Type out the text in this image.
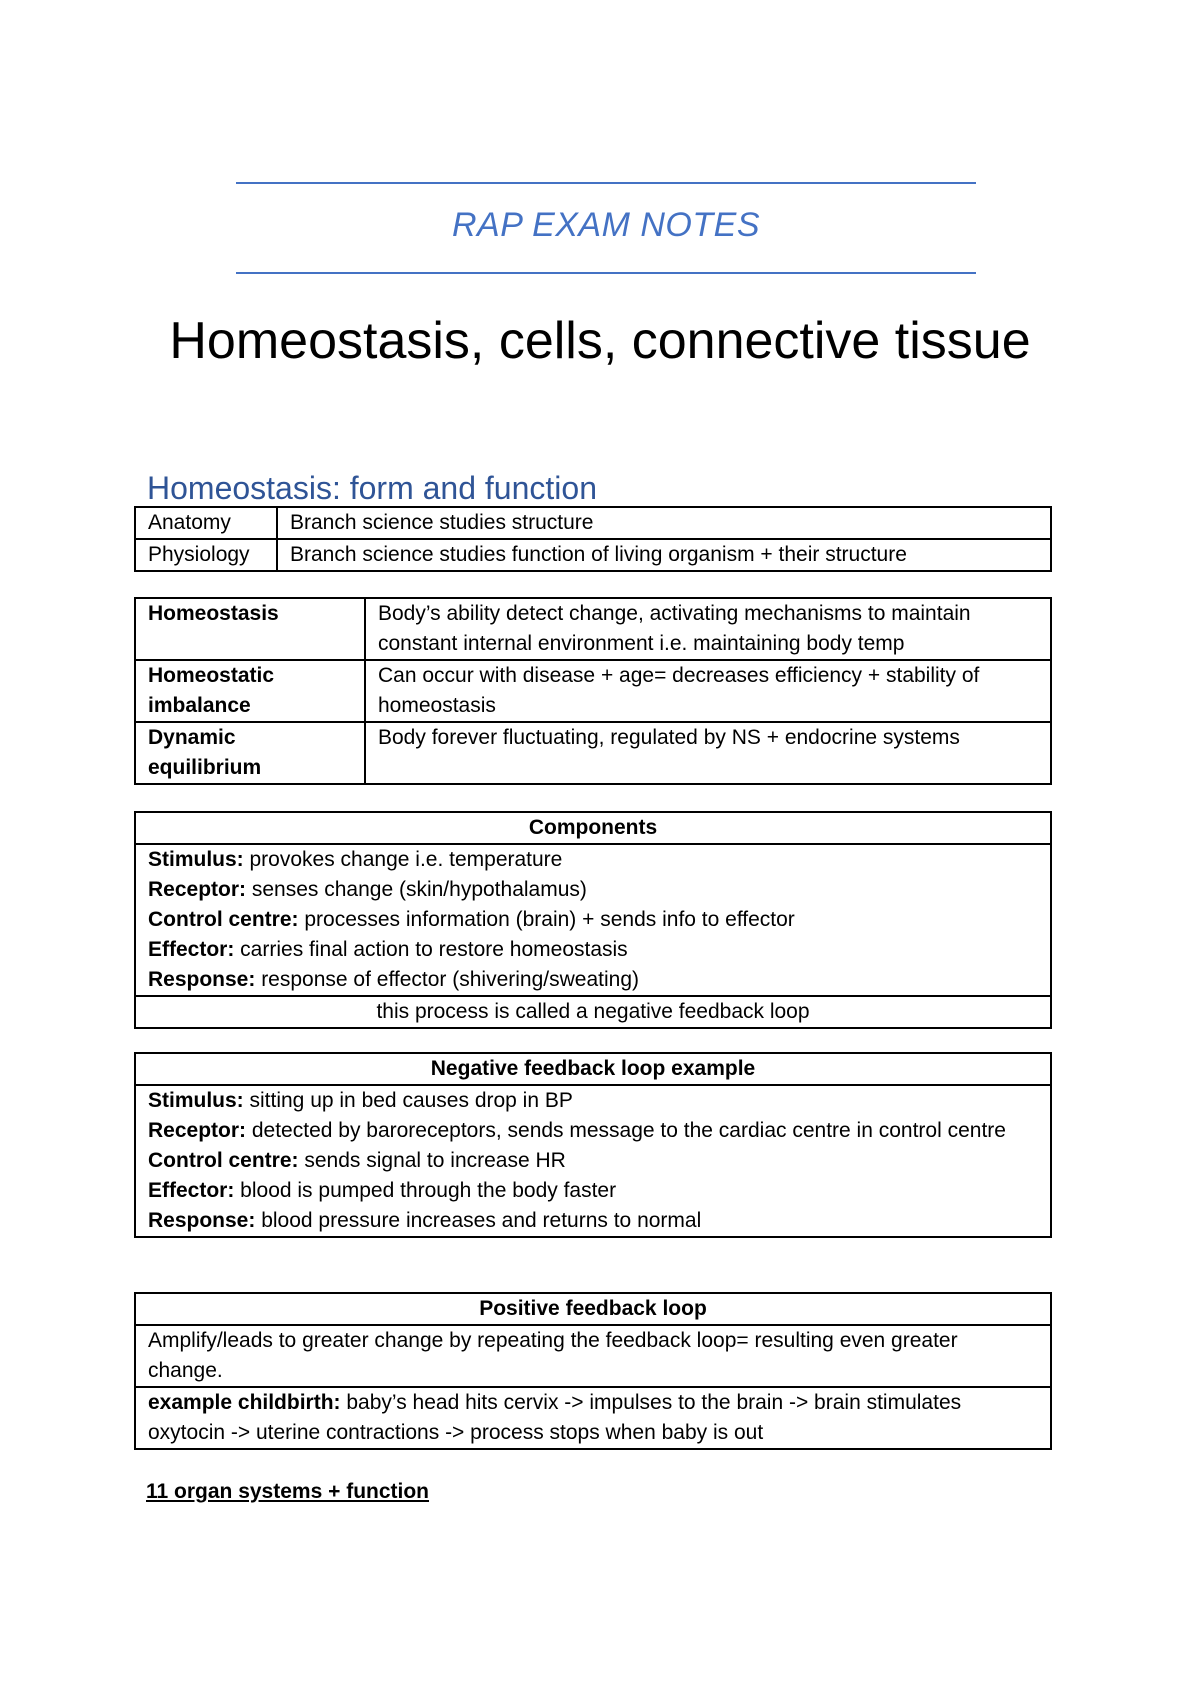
RAP EXAM NOTES
Homeostasis, cells, connective tissue
Homeostasis: form and function
Anatomy	Branch science studies structure
Physiology	Branch science studies function of living organism + their structure
Homeostasis	Body’s ability detect change, activating mechanisms to maintain constant internal environment i.e. maintaining body temp
Homeostatic imbalance	Can occur with disease + age= decreases efficiency + stability of homeostasis
Dynamic equilibrium	Body forever fluctuating, regulated by NS + endocrine systems
Components

Stimulus: provokes change i.e. temperature
Receptor: senses change (skin/hypothalamus)
Control centre: processes information (brain) + sends info to effector
Effector: carries final action to restore homeostasis
Response: response of effector (shivering/sweating)

this process is called a negative feedback loop
Negative feedback loop example

Stimulus: sitting up in bed causes drop in BP
Receptor: detected by baroreceptors, sends message to the cardiac centre in control centre
Control centre: sends signal to increase HR
Effector: blood is pumped through the body faster
Response: blood pressure increases and returns to normal
Positive feedback loop
Amplify/leads to greater change by repeating the feedback loop= resulting even greater change.
example childbirth: baby’s head hits cervix -> impulses to the brain -> brain stimulates oxytocin -> uterine contractions -> process stops when baby is out
11 organ systems + function
